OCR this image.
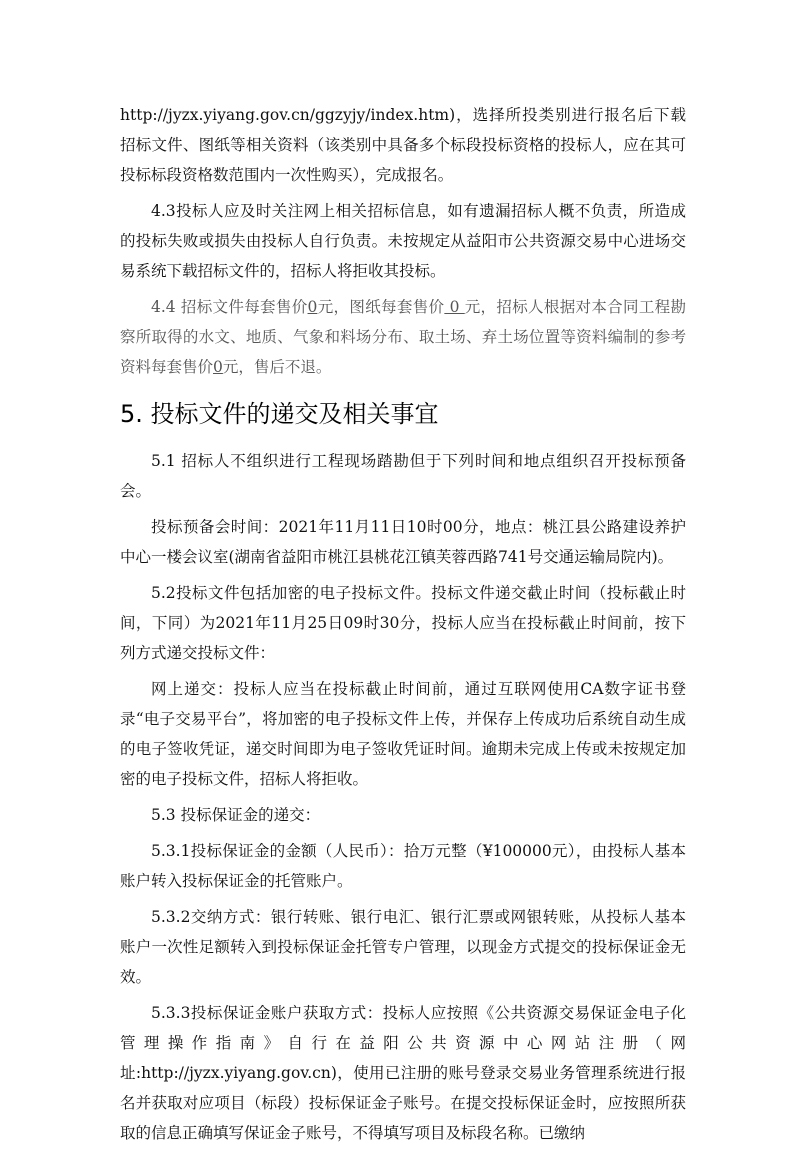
http://jyzx.yiyang.gov.cn/ggzyjy/index.htm)，选择所投类别进行报名后下载招标文件、图纸等相关资料（该类别中具备多个标段投标资格的投标人，应在其可投标标段资格数范围内一次性购买），完成报名。

4.3投标人应及时关注网上相关招标信息，如有遗漏招标人概不负责，所造成的投标失败或损失由投标人自行负责。未按规定从益阳市公共资源交易中心进场交易系统下载招标文件的，招标人将拒收其投标。

4.4 招标文件每套售价0元，图纸每套售价 0 元，招标人根据对本合同工程勘察所取得的水文、地质、气象和料场分布、取土场、弃土场位置等资料编制的参考资料每套售价0元，售后不退。

5. 投标文件的递交及相关事宜

5.1 招标人不组织进行工程现场踏勘但于下列时间和地点组织召开投标预备会。

投标预备会时间：2021年11月11日10时00分，地点：桃江县公路建设养护中心一楼会议室(湖南省益阳市桃江县桃花江镇芙蓉西路741号交通运输局院内)。

5.2投标文件包括加密的电子投标文件。投标文件递交截止时间（投标截止时间，下同）为2021年11月25日09时30分，投标人应当在投标截止时间前，按下列方式递交投标文件：

网上递交：投标人应当在投标截止时间前，通过互联网使用CA数字证书登录“电子交易平台”，将加密的电子投标文件上传，并保存上传成功后系统自动生成的电子签收凭证，递交时间即为电子签收凭证时间。逾期未完成上传或未按规定加密的电子投标文件，招标人将拒收。

5.3 投标保证金的递交：

5.3.1投标保证金的金额（人民币）：拾万元整（¥100000元），由投标人基本账户转入投标保证金的托管账户。

5.3.2交纳方式：银行转账、银行电汇、银行汇票或网银转账，从投标人基本账户一次性足额转入到投标保证金托管专户管理，以现金方式提交的投标保证金无效。

5.3.3投标保证金账户获取方式：投标人应按照《公共资源交易保证金电子化管理操作指南》自行在益阳公共资源中心网站注册（网址:http://jyzx.yiyang.gov.cn)，使用已注册的账号登录交易业务管理系统进行报名并获取对应项目（标段）投标保证金子账号。在提交投标保证金时，应按照所获取的信息正确填写保证金子账号，不得填写项目及标段名称。已缴纳
